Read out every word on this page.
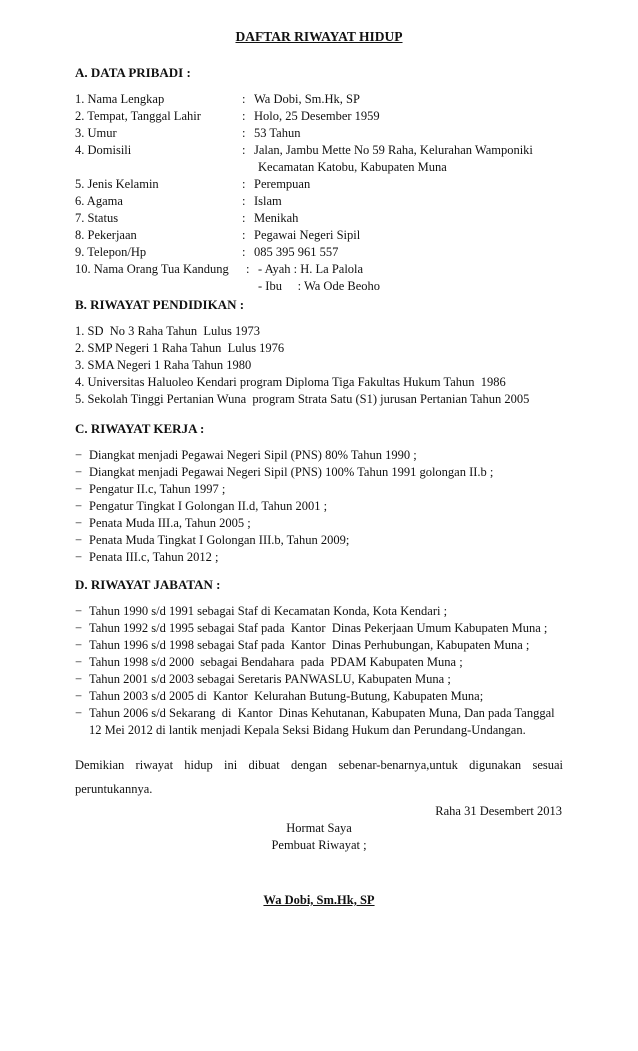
DAFTAR RIWAYAT HIDUP
A. DATA PRIBADI :
1. Nama Lengkap	: Wa Dobi, Sm.Hk, SP
2. Tempat, Tanggal Lahir	: Holo, 25 Desember 1959
3. Umur	: 53 Tahun
4. Domisili	: Jalan, Jambu Mette No 59 Raha, Kelurahan Wamponiki
Kecamatan Katobu, Kabupaten Muna
5. Jenis Kelamin	: Perempuan
6. Agama	: Islam
7. Status	: Menikah
8. Pekerjaan	: Pegawai Negeri Sipil
9. Telepon/Hp	: 085 395 961 557
10. Nama Orang Tua Kandung : - Ayah : H. La Palola
- Ibu     : Wa Ode Beoho
B. RIWAYAT PENDIDIKAN :
1. SD  No 3 Raha Tahun  Lulus 1973
2. SMP Negeri 1 Raha Tahun  Lulus 1976
3. SMA Negeri 1 Raha Tahun 1980
4. Universitas Haluoleo Kendari program Diploma Tiga Fakultas Hukum Tahun  1986
5. Sekolah Tinggi Pertanian Wuna  program Strata Satu (S1) jurusan Pertanian Tahun 2005
C. RIWAYAT KERJA :
− Diangkat menjadi Pegawai Negeri Sipil (PNS) 80% Tahun 1990 ;
− Diangkat menjadi Pegawai Negeri Sipil (PNS) 100% Tahun 1991 golongan II.b ;
− Pengatur II.c, Tahun 1997 ;
− Pengatur Tingkat I Golongan II.d, Tahun 2001 ;
− Penata Muda III.a, Tahun 2005 ;
− Penata Muda Tingkat I Golongan III.b, Tahun 2009;
− Penata III.c, Tahun 2012 ;
D. RIWAYAT JABATAN :
− Tahun 1990 s/d 1991 sebagai Staf di Kecamatan Konda, Kota Kendari ;
− Tahun 1992 s/d 1995 sebagai Staf pada  Kantor  Dinas Pekerjaan Umum Kabupaten Muna ;
− Tahun 1996 s/d 1998 sebagai Staf pada  Kantor  Dinas Perhubungan, Kabupaten Muna ;
− Tahun 1998 s/d 2000  sebagai Bendahara  pada  PDAM Kabupaten Muna ;
− Tahun 2001 s/d 2003 sebagai Seretaris PANWASLU, Kabupaten Muna ;
− Tahun 2003 s/d 2005 di  Kantor  Kelurahan Butung-Butung, Kabupaten Muna;
− Tahun 2006 s/d Sekarang  di  Kantor  Dinas Kehutanan, Kabupaten Muna, Dan pada Tanggal
12 Mei 2012 di lantik menjadi Kepala Seksi Bidang Hukum dan Perundang-Undangan.
Demikian riwayat hidup ini dibuat dengan sebenar-benarnya,untuk digunakan sesuai peruntukannya.
Raha 31 Desembert 2013
Hormat Saya
Pembuat Riwayat ;
Wa Dobi, Sm.Hk, SP
